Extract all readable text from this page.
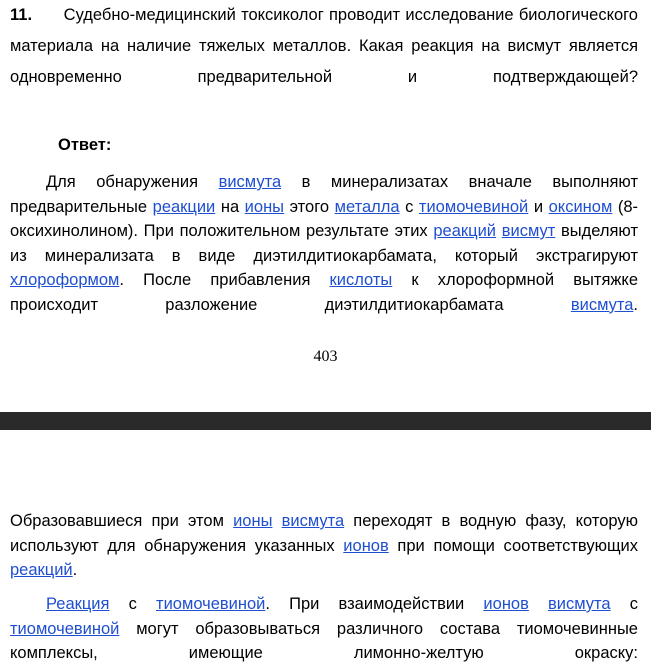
11. Судебно-медицинский токсиколог проводит исследование биологического материала на наличие тяжелых металлов. Какая реакция на висмут является одновременно предварительной и подтверждающей?

Ответ:

Для обнаружения висмута в минерализатах вначале выполняют предварительные реакции на ионы этого металла с тиомочевиной и оксином (8-оксихинолином). При положительном результате этих реакций висмут выделяют из минерализата в виде диэтилдитиокарбамата, который экстрагируют хлороформом. После прибавления кислоты к хлороформной вытяжке происходит разложение диэтилдитиокарбамата висмута.

403

Образовавшиеся при этом ионы висмута переходят в водную фазу, которую используют для обнаружения указанных ионов при помощи соответствующих реакций.

Реакция с тиомочевиной. При взаимодействии ионов висмута с тиомочевиной могут образовываться различного состава тиомочевинные комплексы, имеющие лимонно-желтую окраску:
